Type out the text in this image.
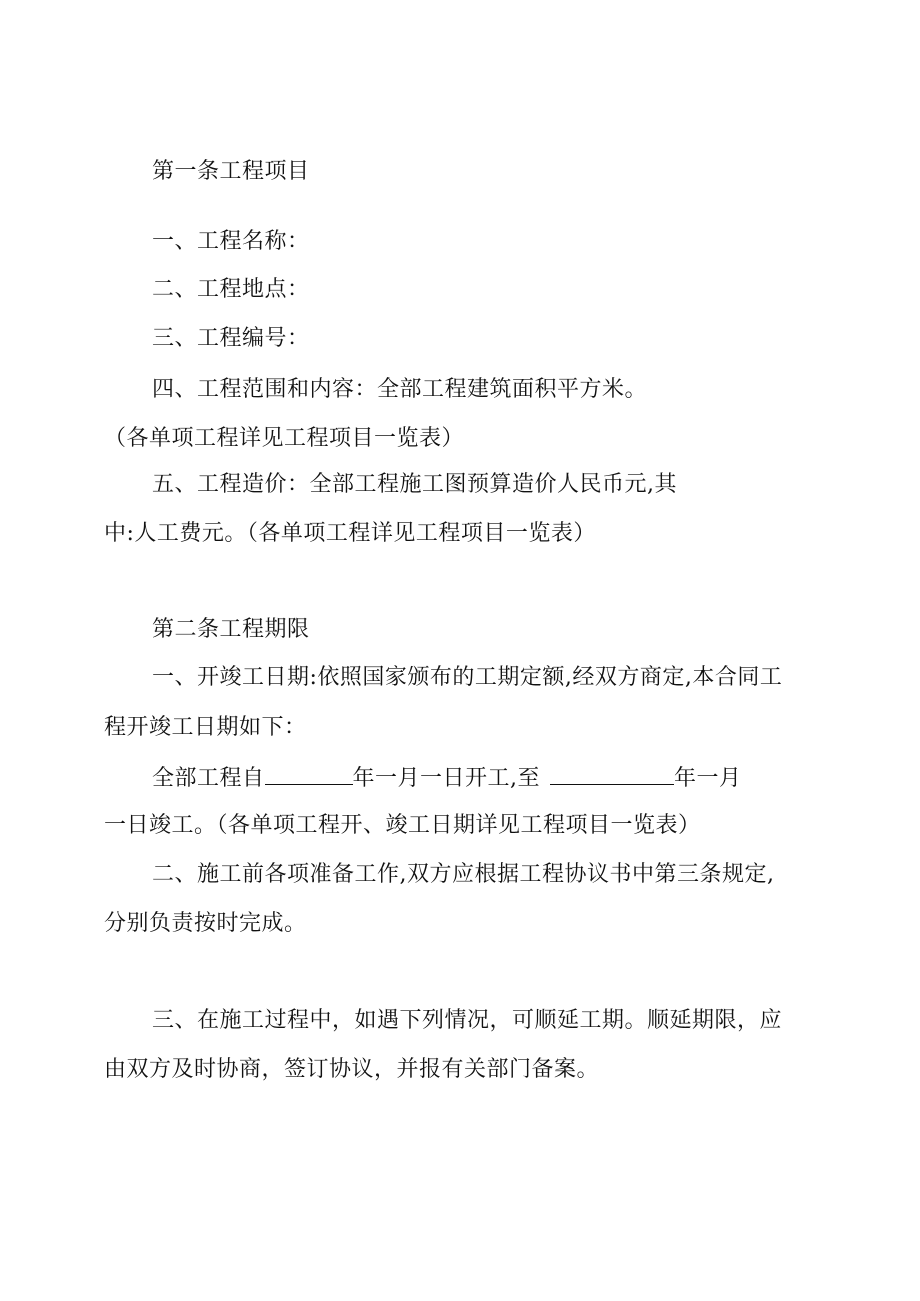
第一条工程项目
一、工程名称：
二、工程地点：
三、工程编号：
四、工程范围和内容：全部工程建筑面积平方米。
（各单项工程详见工程项目一览表）
五、工程造价：全部工程施工图预算造价人民币元,其
中:人工费元。（各单项工程详见工程项目一览表）
第二条工程期限
一、开竣工日期:依照国家颁布的工期定额,经双方商定,本合同工
程开竣工日期如下：
全部工程自	年一月一日开工,至	年一月
一日竣工。（各单项工程开、竣工日期详见工程项目一览表）
二、施工前各项准备工作,双方应根据工程协议书中第三条规定,
分别负责按时完成。
三、在施工过程中，如遇下列情况，可顺延工期。顺延期限，应
由双方及时协商，签订协议，并报有关部门备案。
